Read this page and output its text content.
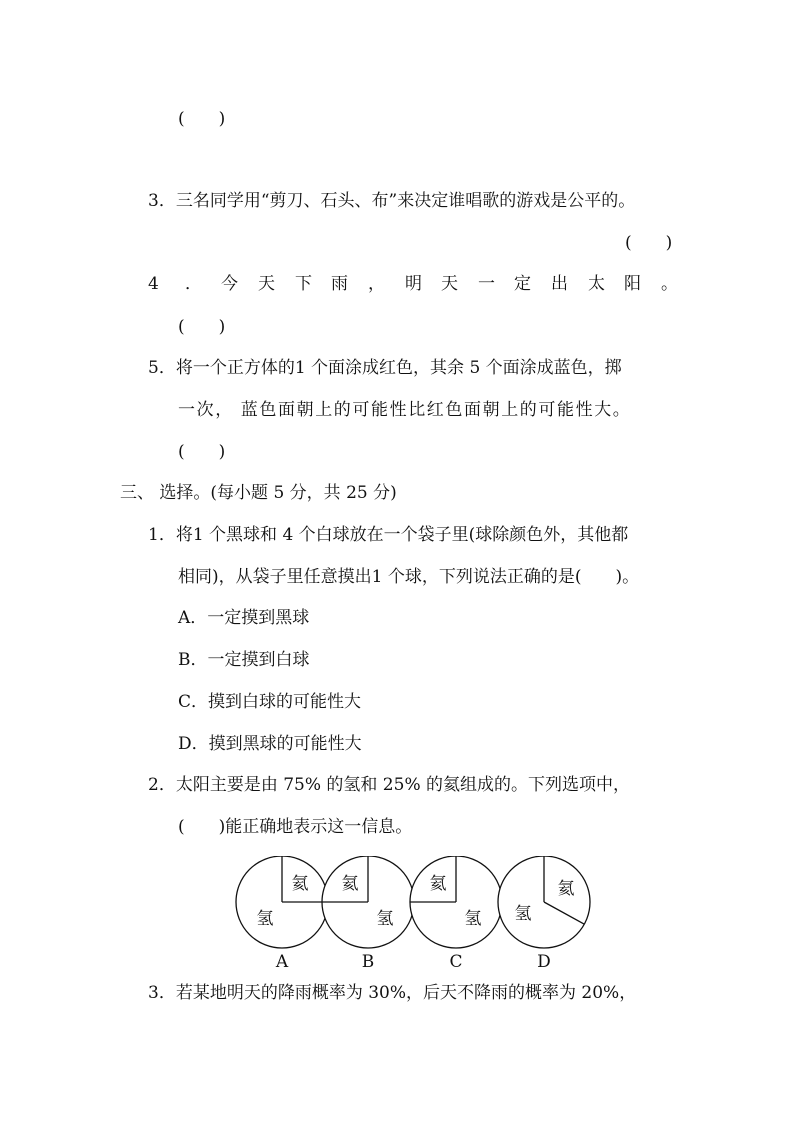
(　　)
3．三名同学用“剪刀、石头、布”来决定谁唱歌的游戏是公平的。
(　　)
4 ． 今 天 下 雨 ， 明 天 一 定 出 太 阳 。
(　　)
5．将一个正方体的1 个面涂成红色，其余 5 个面涂成蓝色，掷
一次， 蓝色面朝上的可能性比红色面朝上的可能性大。
(　　)
三、 选择。(每小题 5 分，共 25 分)
1．将1 个黑球和 4 个白球放在一个袋子里(球除颜色外，其他都
相同)，从袋子里任意摸出1 个球，下列说法正确的是(　　)。
A．一定摸到黑球
B．一定摸到白球
C．摸到白球的可能性大
D．摸到黑球的可能性大
2．太阳主要是由 75% 的氢和 25% 的氦组成的。下列选项中，
(　　)能正确地表示这一信息。
氦
氢
A
氦
氢
B
氦
氢
C
氦
氢
D
3．若某地明天的降雨概率为 30%，后天不降雨的概率为 20%，
